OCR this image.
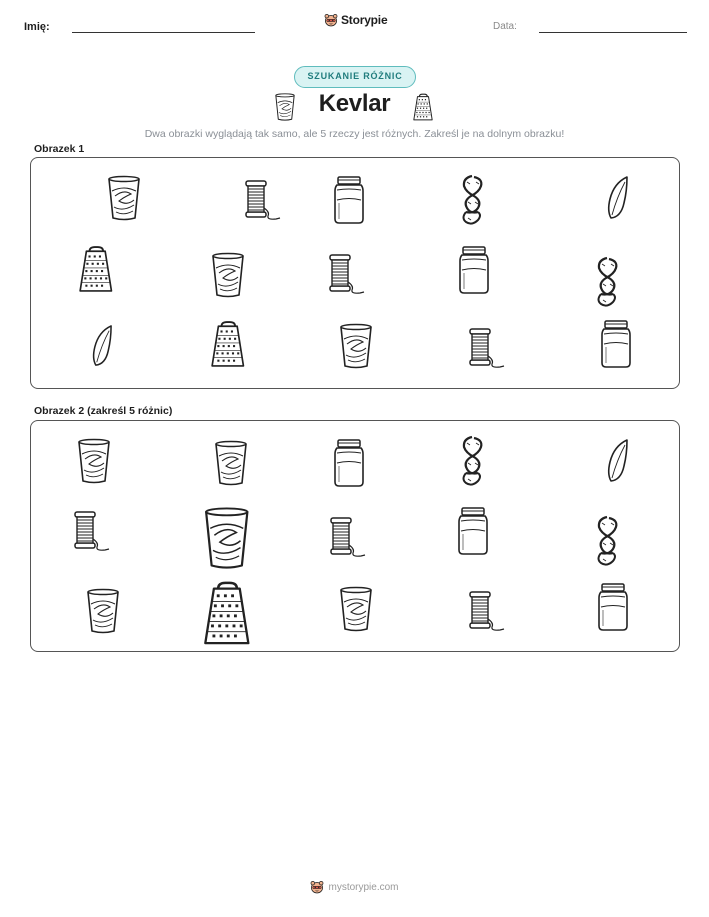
Imię:	Storypie	Data:
SZUKANIE RÓŻNIC
Kevlar
Dwa obrazki wyglądają tak samo, ale 5 rzeczy jest różnych. Zakreśl je na dolnym obrazku!
Obrazek 1
Obrazek 2 (zakreśl 5 różnic)
mystorypie.com
